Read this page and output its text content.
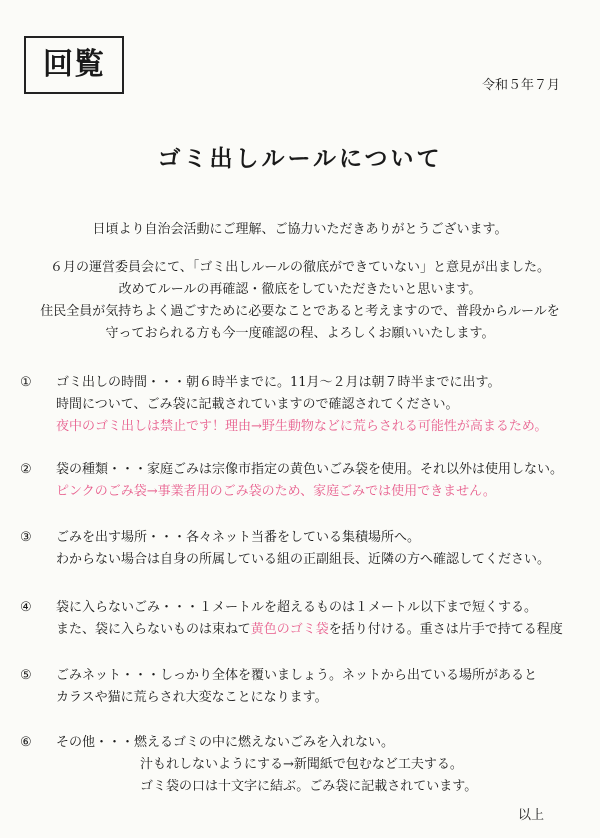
回覧
令和５年７月
ゴミ出しルールについて

日頃より自治会活動にご理解、ご協力いただきありがとうございます。

６月の運営委員会にて、「ゴミ出しルールの徹底ができていない」と意見が出ました。

改めてルールの再確認・徹底をしていただきたいと思います。

住民全員が気持ちよく過ごすために必要なことであると考えますので、普段からルールを

守っておられる方も今一度確認の程、よろしくお願いいたします。

①	ゴミ出しの時間・・・朝６時半までに。11月～２月は朝７時半までに出す。
時間について、ごみ袋に記載されていますので確認されてください。
夜中のゴミ出しは禁止です！理由→野生動物などに荒らされる可能性が高まるため。
②	袋の種類・・・家庭ごみは宗像市指定の黄色いごみ袋を使用。それ以外は使用しない。
ピンクのごみ袋→事業者用のごみ袋のため、家庭ごみでは使用できません。
③	ごみを出す場所・・・各々ネット当番をしている集積場所へ。
わからない場合は自身の所属している組の正副組長、近隣の方へ確認してください。
④	袋に入らないごみ・・・１メートルを超えるものは１メートル以下まで短くする。
また、袋に入らないものは束ねて黄色のゴミ袋を括り付ける。重さは片手で持てる程度
⑤	ごみネット・・・しっかり全体を覆いましょう。ネットから出ている場所があると
カラスや猫に荒らされ大変なことになります。
⑥	その他・・・燃えるゴミの中に燃えないごみを入れない。
汁もれしないようにする→新聞紙で包むなど工夫する。
ゴミ袋の口は十文字に結ぶ。ごみ袋に記載されています。
以上
